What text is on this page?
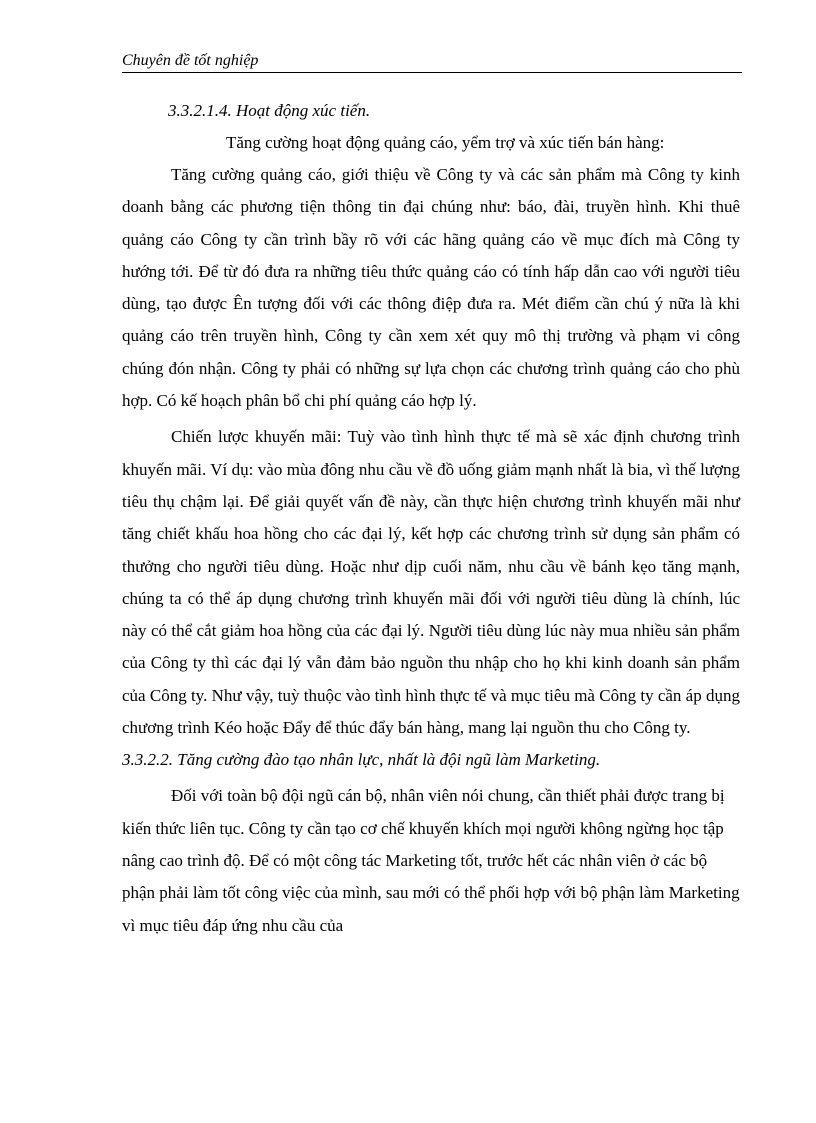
Chuyên đề tốt nghiệp

3.3.2.1.4. Hoạt động xúc tiến.

Tăng cường hoạt động quảng cáo, yểm trợ và xúc tiến bán hàng:

Tăng cường quảng cáo, giới thiệu về Công ty và các sản phẩm mà Công ty kinh doanh bằng các phương tiện thông tin đại chúng như: báo, đài, truyền hình. Khi thuê quảng cáo Công ty cần trình bầy rõ với các hãng quảng cáo về mục đích mà Công ty hướng tới. Để từ đó đưa ra những tiêu thức quảng cáo có tính hấp dẫn cao với người tiêu dùng, tạo được Ên tượng đối với các thông điệp đưa ra. Mét điểm cần chú ý nữa là khi quảng cáo trên truyền hình, Công ty cần xem xét quy mô thị trường và phạm vi công chúng đón nhận. Công ty phải có những sự lựa chọn các chương trình quảng cáo cho phù hợp. Có kế hoạch phân bổ chi phí quảng cáo hợp lý.

Chiến lược khuyến mãi: Tuỳ vào tình hình thực tế mà sẽ xác định chương trình khuyến mãi. Ví dụ: vào mùa đông nhu cầu về đồ uống giảm mạnh nhất là bia, vì thế lượng tiêu thụ chậm lại. Để giải quyết vấn đề này, cần thực hiện chương trình khuyến mãi như tăng chiết khấu hoa hồng cho các đại lý, kết hợp các chương trình sử dụng sản phẩm có thưởng cho người tiêu dùng. Hoặc như dịp cuối năm, nhu cầu về bánh kẹo tăng mạnh, chúng ta có thể áp dụng chương trình khuyến mãi đối với người tiêu dùng là chính, lúc này có thể cắt giảm hoa hồng của các đại lý. Người tiêu dùng lúc này mua nhiều sản phẩm của Công ty thì các đại lý vẫn đảm bảo nguồn thu nhập cho họ khi kinh doanh sản phẩm của Công ty. Như vậy, tuỳ thuộc vào tình hình thực tế và mục tiêu mà Công ty cần áp dụng chương trình Kéo hoặc Đẩy để thúc đẩy bán hàng, mang lại nguồn thu cho Công ty.

3.3.2.2. Tăng cường đào tạo nhân lực, nhất là đội ngũ làm Marketing.

Đối với toàn bộ đội ngũ cán bộ, nhân viên nói chung, cần thiết phải được trang bị kiến thức liên tục. Công ty cần tạo cơ chế khuyến khích mọi người không ngừng học tập nâng cao trình độ. Để có một công tác Marketing tốt, trước hết các nhân viên ở các bộ phận phải làm tốt công việc của mình, sau mới có thể phối hợp với bộ phận làm Marketing vì mục tiêu đáp ứng nhu cầu của
